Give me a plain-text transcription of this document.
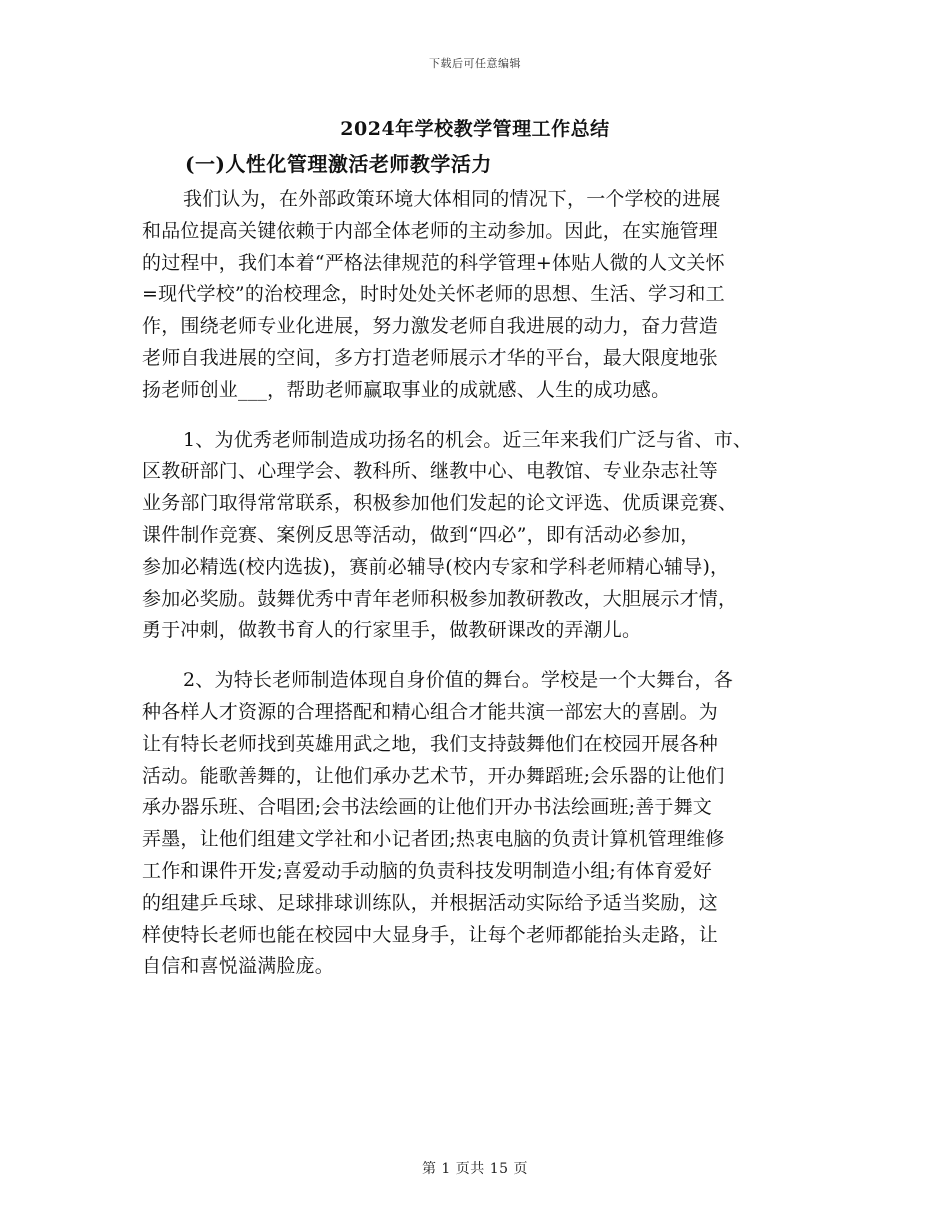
下载后可任意编辑
2024年学校教学管理工作总结
(一)人性化管理激活老师教学活力

我们认为，在外部政策环境大体相同的情况下，一个学校的进展
和品位提高关键依赖于内部全体老师的主动参加。因此，在实施管理
的过程中，我们本着“严格法律规范的科学管理+体贴人微的人文关怀
=现代学校”的治校理念，时时处处关怀老师的思想、生活、学习和工
作，围绕老师专业化进展，努力激发老师自我进展的动力，奋力营造
老师自我进展的空间，多方打造老师展示才华的平台，最大限度地张
扬老师创业___，帮助老师赢取事业的成就感、人生的成功感。

1、为优秀老师制造成功扬名的机会。近三年来我们广泛与省、市、
区教研部门、心理学会、教科所、继教中心、电教馆、专业杂志社等
业务部门取得常常联系，积极参加他们发起的论文评选、优质课竞赛、
课件制作竞赛、案例反思等活动，做到“四必”，即有活动必参加，
参加必精选(校内选拔)，赛前必辅导(校内专家和学科老师精心辅导)，
参加必奖励。鼓舞优秀中青年老师积极参加教研教改，大胆展示才情，
勇于冲刺，做教书育人的行家里手，做教研课改的弄潮儿。

2、为特长老师制造体现自身价值的舞台。学校是一个大舞台，各
种各样人才资源的合理搭配和精心组合才能共演一部宏大的喜剧。为
让有特长老师找到英雄用武之地，我们支持鼓舞他们在校园开展各种
活动。能歌善舞的，让他们承办艺术节，开办舞蹈班;会乐器的让他们
承办器乐班、合唱团;会书法绘画的让他们开办书法绘画班;善于舞文
弄墨，让他们组建文学社和小记者团;热衷电脑的负责计算机管理维修
工作和课件开发;喜爱动手动脑的负责科技发明制造小组;有体育爱好
的组建乒乓球、足球排球训练队，并根据活动实际给予适当奖励，这
样使特长老师也能在校园中大显身手，让每个老师都能抬头走路，让
自信和喜悦溢满脸庞。

第 1 页共 15 页
